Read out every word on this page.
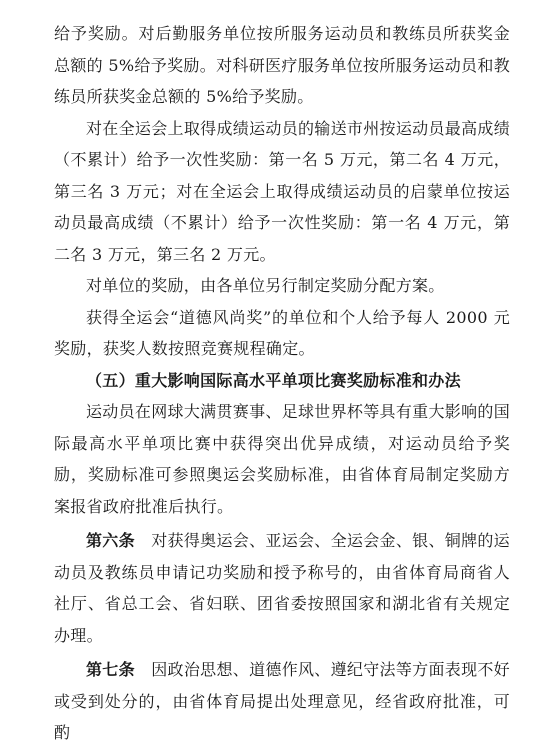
给予奖励。对后勤服务单位按所服务运动员和教练员所获奖金总额的 5%给予奖励。对科研医疗服务单位按所服务运动员和教练员所获奖金总额的 5%给予奖励。

对在全运会上取得成绩运动员的输送市州按运动员最高成绩（不累计）给予一次性奖励：第一名 5 万元，第二名 4 万元，第三名 3 万元；对在全运会上取得成绩运动员的启蒙单位按运动员最高成绩（不累计）给予一次性奖励：第一名 4 万元，第二名 3 万元，第三名 2 万元。

对单位的奖励，由各单位另行制定奖励分配方案。

获得全运会“道德风尚奖”的单位和个人给予每人 2000 元奖励，获奖人数按照竞赛规程确定。

（五）重大影响国际高水平单项比赛奖励标准和办法

运动员在网球大满贯赛事、足球世界杯等具有重大影响的国际最高水平单项比赛中获得突出优异成绩，对运动员给予奖励，奖励标准可参照奥运会奖励标准，由省体育局制定奖励方案报省政府批准后执行。

第六条  对获得奥运会、亚运会、全运会金、银、铜牌的运动员及教练员申请记功奖励和授予称号的，由省体育局商省人社厅、省总工会、省妇联、团省委按照国家和湖北省有关规定办理。

第七条  因政治思想、道德作风、遵纪守法等方面表现不好或受到处分的，由省体育局提出处理意见，经省政府批准，可酌
